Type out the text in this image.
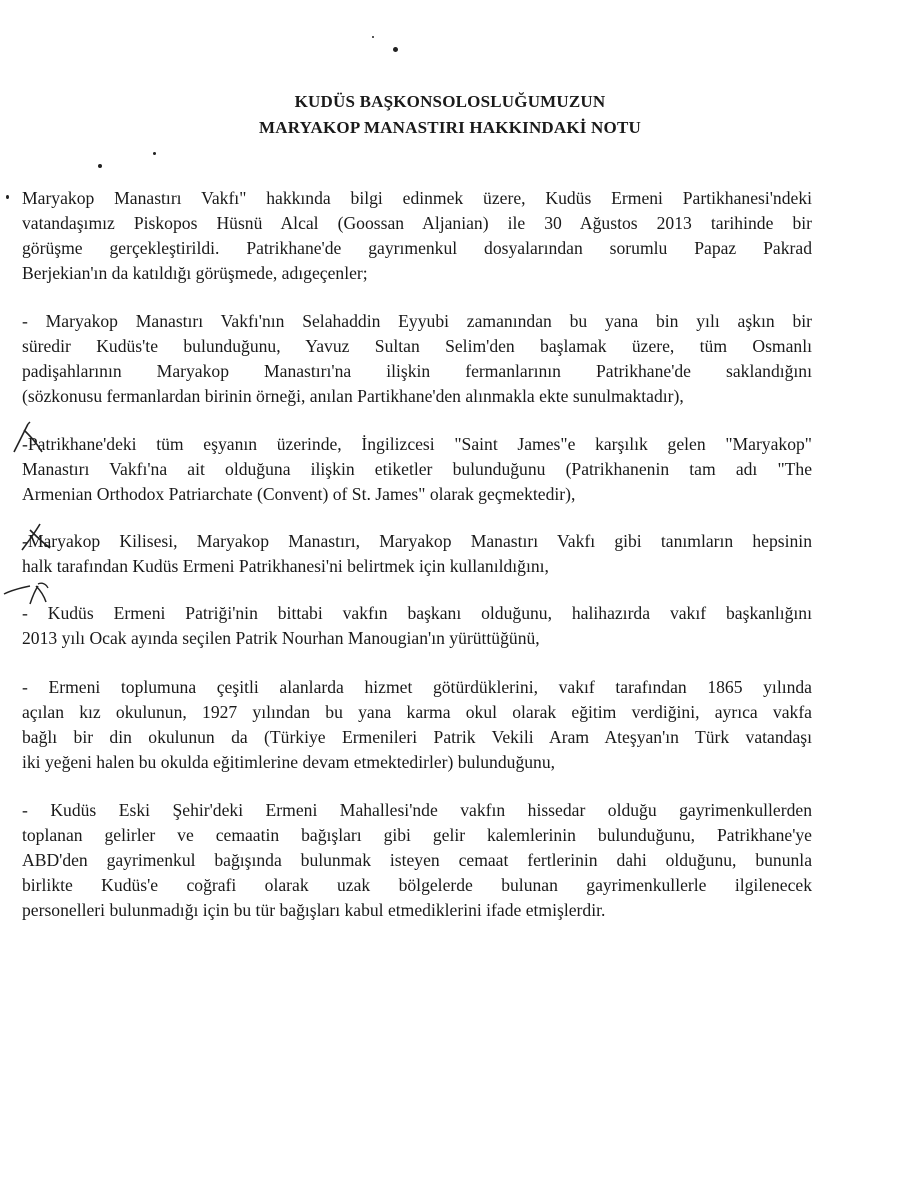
KUDÜS BAŞKONSOLOSLUĞUMUZUN
MARYAKOP MANASTIRI HAKKINDAKİ NOTU
Maryakop Manastırı Vakfı" hakkında bilgi edinmek üzere, Kudüs Ermeni Partikhanesi'ndeki
vatandaşımız Piskopos Hüsnü Alcal (Goossan Aljanian) ile 30 Ağustos 2013 tarihinde bir
görüşme gerçekleştirildi. Patrikhane'de gayrımenkul dosyalarından sorumlu Papaz Pakrad
Berjekian'ın da katıldığı görüşmede, adıgeçenler;
- Maryakop Manastırı Vakfı'nın Selahaddin Eyyubi zamanından bu yana bin yılı aşkın bir
süredir Kudüs'te bulunduğunu, Yavuz Sultan Selim'den başlamak üzere, tüm Osmanlı
padişahlarının Maryakop Manastırı'na ilişkin fermanlarının Patrikhane'de saklandığını
(sözkonusu fermanlardan birinin örneği, anılan Partikhane'den alınmakla ekte sunulmaktadır),
-Patrikhane'deki tüm eşyanın üzerinde, İngilizcesi "Saint James"e karşılık gelen "Maryakop"
Manastırı Vakfı'na ait olduğuna ilişkin etiketler bulunduğunu (Patrikhanenin tam adı "The
Armenian Orthodox Patriarchate (Convent) of St. James" olarak geçmektedir),
-Maryakop Kilisesi, Maryakop Manastırı, Maryakop Manastırı Vakfı gibi tanımların hepsinin
halk tarafından Kudüs Ermeni Patrikhanesi'ni belirtmek için kullanıldığını,
- Kudüs Ermeni Patriği'nin bittabi vakfın başkanı olduğunu, halihazırda vakıf başkanlığını
2013 yılı Ocak ayında seçilen Patrik Nourhan Manougian'ın yürüttüğünü,
- Ermeni toplumuna çeşitli alanlarda hizmet götürdüklerini, vakıf tarafından 1865 yılında
açılan kız okulunun, 1927 yılından bu yana karma okul olarak eğitim verdiğini, ayrıca vakfa
bağlı bir din okulunun da (Türkiye Ermenileri Patrik Vekili Aram Ateşyan'ın Türk vatandaşı
iki yeğeni halen bu okulda eğitimlerine devam etmektedirler) bulunduğunu,
- Kudüs Eski Şehir'deki Ermeni Mahallesi'nde vakfın hissedar olduğu gayrimenkullerden
toplanan gelirler ve cemaatin bağışları gibi gelir kalemlerinin bulunduğunu, Patrikhane'ye
ABD'den gayrimenkul bağışında bulunmak isteyen cemaat fertlerinin dahi olduğunu, bununla
birlikte Kudüs'e coğrafi olarak uzak bölgelerde bulunan gayrimenkullerle ilgilenecek
personelleri bulunmadığı için bu tür bağışları kabul etmediklerini ifade etmişlerdir.
